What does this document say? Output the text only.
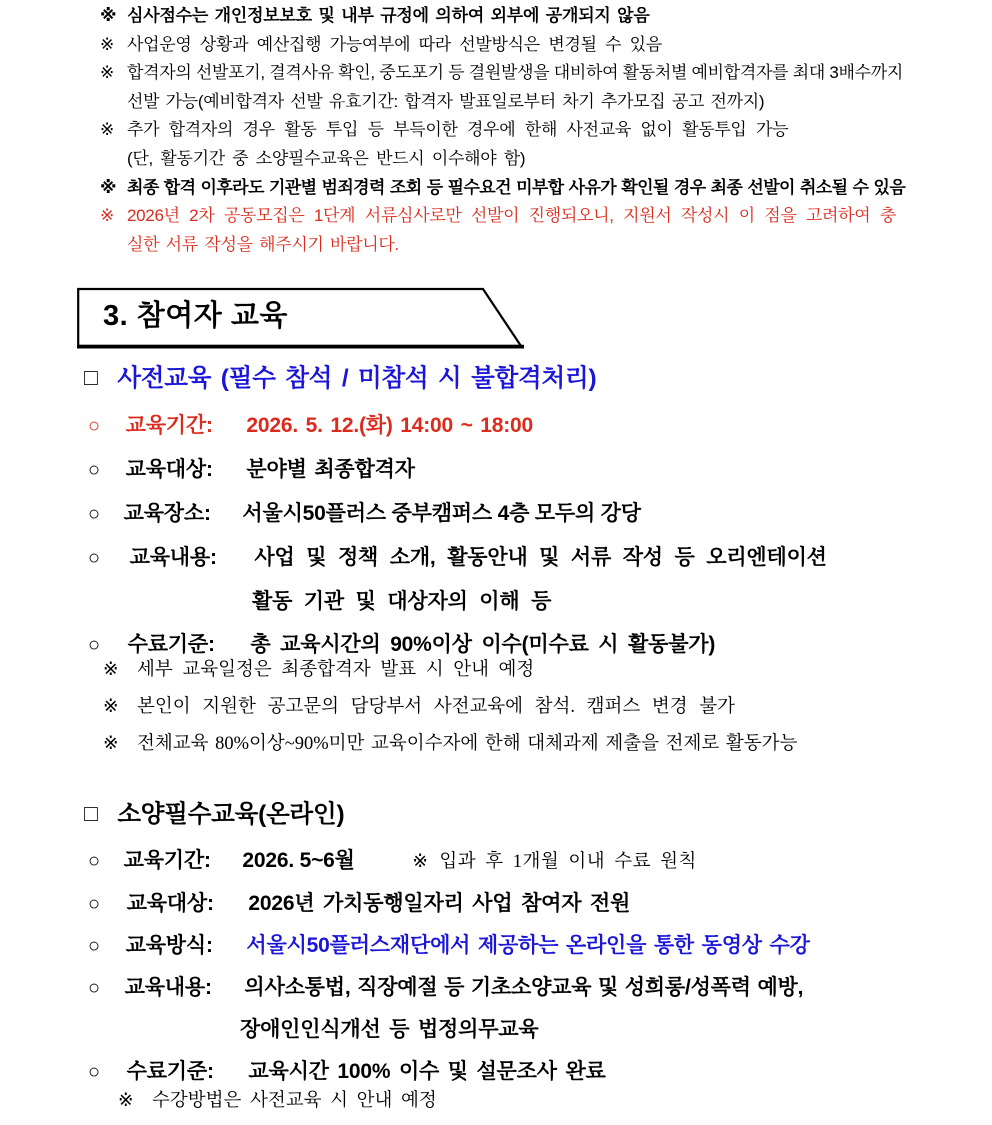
※ 심사점수는 개인정보보호 및 내부 규정에 의하여 외부에 공개되지 않음
※ 사업운영 상황과 예산집행 가능여부에 따라 선발방식은 변경될 수 있음
※ 합격자의 선발포기, 결격사유 확인, 중도포기 등 결원발생을 대비하여 활동처별 예비합격자를 최대 3배수까지
선발 가능(예비합격자 선발 유효기간: 합격자 발표일로부터 차기 추가모집 공고 전까지)
※ 추가 합격자의 경우 활동 투입 등 부득이한 경우에 한해 사전교육 없이 활동투입 가능
(단, 활동기간 중 소양필수교육은 반드시 이수해야 함)
※ 최종 합격 이후라도 기관별 범죄경력 조회 등 필수요건 미부합 사유가 확인될 경우 최종 선발이 취소될 수 있음
※ 2026년 2차 공동모집은 1단계 서류심사로만 선발이 진행되오니, 지원서 작성시 이 점을 고려하여 충
실한 서류 작성을 해주시기 바랍니다.
3. 참여자 교육
□ 사전교육 (필수 참석 / 미참석 시 불합격처리)
○ 교육기간: 2026. 5. 12.(화) 14:00 ~ 18:00
○ 교육대상: 분야별 최종합격자
○ 교육장소: 서울시50플러스 중부캠퍼스 4층 모두의 강당
○ 교육내용: 사업 및 정책 소개, 활동안내 및 서류 작성 등 오리엔테이션
활동 기관 및 대상자의 이해 등
○ 수료기준: 총 교육시간의 90%이상 이수(미수료 시 활동불가)
※ 세부 교육일정은 최종합격자 발표 시 안내 예정
※ 본인이 지원한 공고문의 담당부서 사전교육에 참석. 캠퍼스 변경 불가
※ 전체교육 80%이상~90%미만 교육이수자에 한해 대체과제 제출을 전제로 활동가능
□ 소양필수교육(온라인)
○ 교육기간: 2026. 5~6월	※ 입과 후 1개월 이내 수료 원칙
○ 교육대상: 2026년 가치동행일자리 사업 참여자 전원
○ 교육방식: 서울시50플러스재단에서 제공하는 온라인을 통한 동영상 수강
○ 교육내용: 의사소통법, 직장예절 등 기초소양교육 및 성희롱/성폭력 예방,
장애인인식개선 등 법정의무교육
○ 수료기준: 교육시간 100% 이수 및 설문조사 완료
※ 수강방법은 사전교육 시 안내 예정
